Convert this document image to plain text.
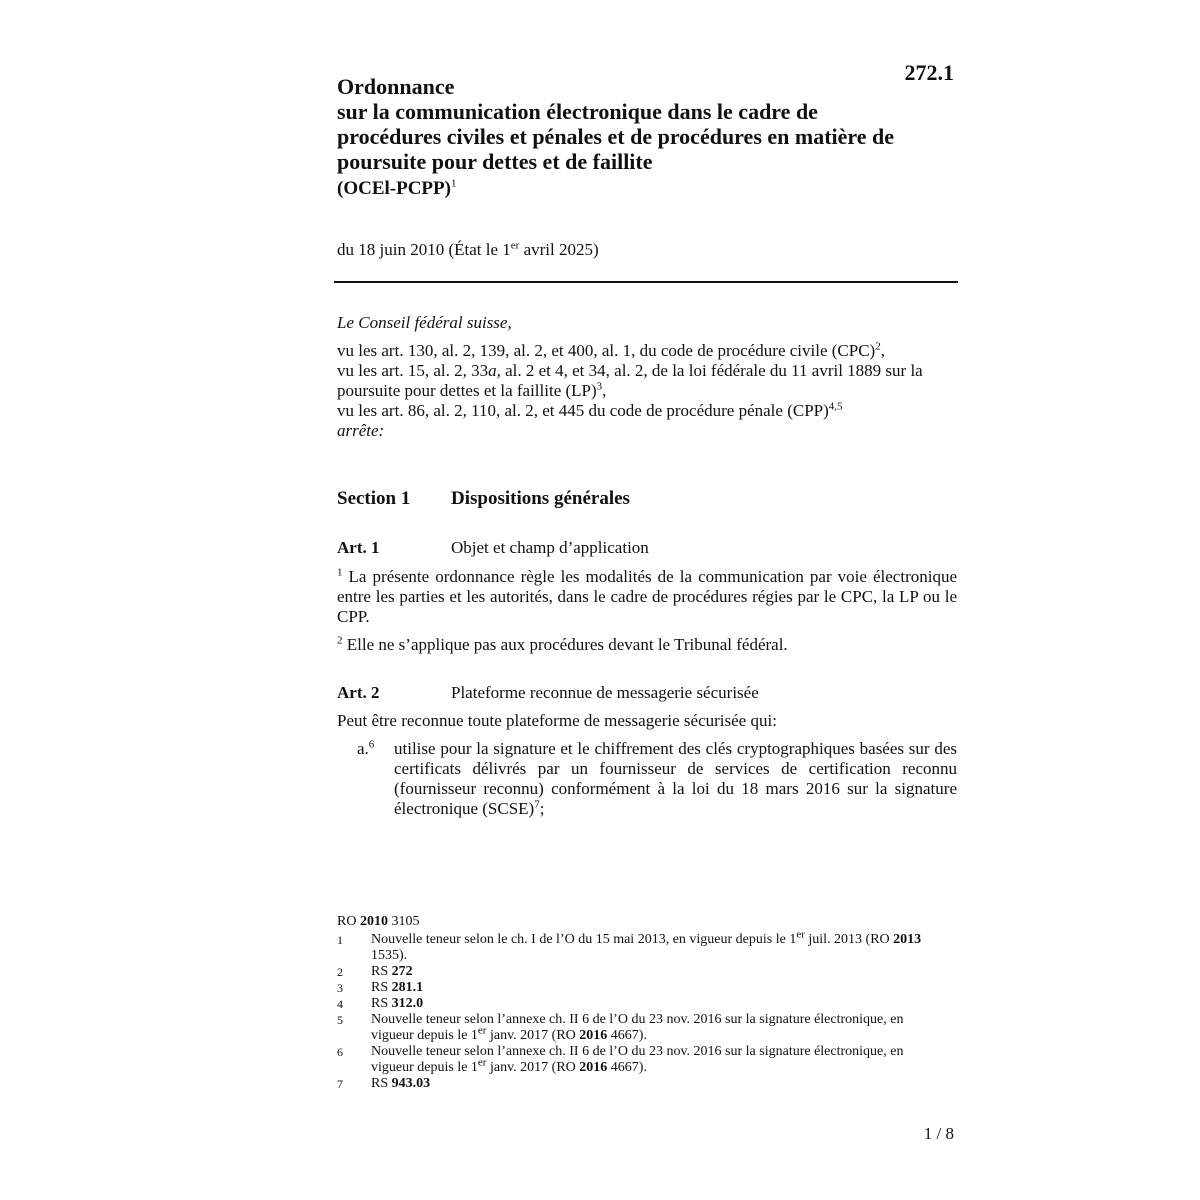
272.1
Ordonnance
sur la communication électronique dans le cadre de
procédures civiles et pénales et de procédures en matière de
poursuite pour dettes et de faillite
(OCEl-PCPP)$^1$
du 18 juin 2010 (État le 1er avril 2025)

Le Conseil fédéral suisse,

vu les art. 130, al. 2, 139, al. 2, et 400, al. 1, du code de procédure civile (CPC)$^2$,

vu les art. 15, al. 2, 33a, al. 2 et 4, et 34, al. 2, de la loi fédérale du 11 avril 1889 sur la poursuite pour dettes et la faillite (LP)$^3$,

vu les art. 86, al. 2, 110, al. 2, et 445 du code de procédure pénale (CPP)$^{4,5}$

arrête:

Section 1 Dispositions générales
Art. 1	Objet et champ d’application
$^1$ La présente ordonnance règle les modalités de la communication par voie électronique entre les parties et les autorités, dans le cadre de procédures régies par le CPC, la LP ou le CPP.
$^2$ Elle ne s’applique pas aux procédures devant le Tribunal fédéral.
Art. 2	Plateforme reconnue de messagerie sécurisée
Peut être reconnue toute plateforme de messagerie sécurisée qui:
a.$^6$ utilise pour la signature et le chiffrement des clés cryptographiques basées sur des certificats délivrés par un fournisseur de services de certification reconnu (fournisseur reconnu) conformément à la loi du 18 mars 2016 sur la signature électronique (SCSE)$^7$;
RO 2010 3105
1 Nouvelle teneur selon le ch. I de l’O du 15 mai 2013, en vigueur depuis le 1er juil. 2013 (RO 2013 1535).
2 RS 272
3 RS 281.1
4 RS 312.0
5 Nouvelle teneur selon l’annexe ch. II 6 de l’O du 23 nov. 2016 sur la signature électronique, en vigueur depuis le 1er janv. 2017 (RO 2016 4667).
6 Nouvelle teneur selon l’annexe ch. II 6 de l’O du 23 nov. 2016 sur la signature électronique, en vigueur depuis le 1er janv. 2017 (RO 2016 4667).
7 RS 943.03
1 / 8
